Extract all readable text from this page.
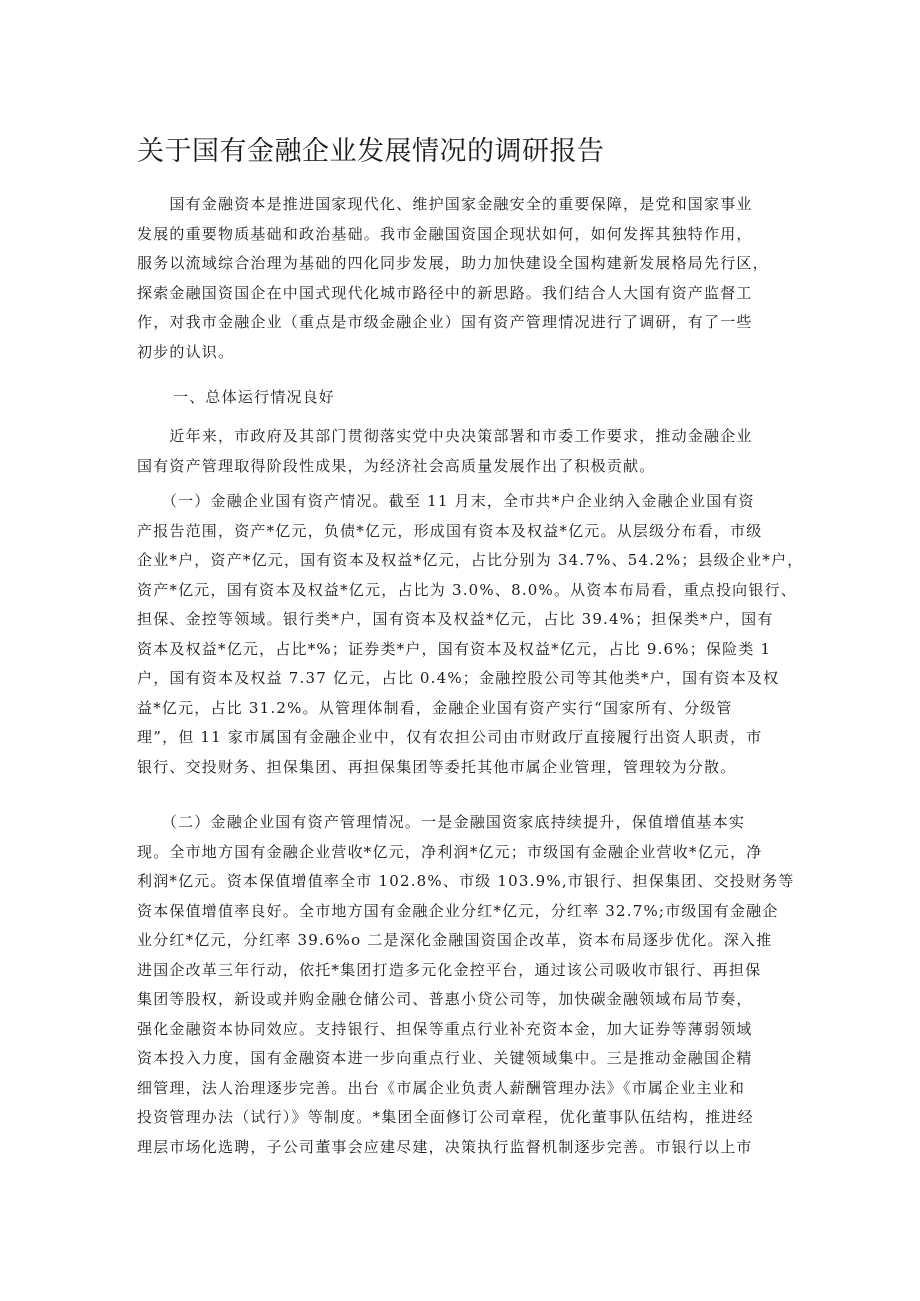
关于国有金融企业发展情况的调研报告

　　国有金融资本是推进国家现代化、维护国家金融安全的重要保障，是党和国家事业
发展的重要物质基础和政治基础。我市金融国资国企现状如何，如何发挥其独特作用，
服务以流域综合治理为基础的四化同步发展，助力加快建设全国构建新发展格局先行区，
探索金融国资国企在中国式现代化城市路径中的新思路。我们结合人大国有资产监督工
作，对我市金融企业（重点是市级金融企业）国有资产管理情况进行了调研，有了一些
初步的认识。

一、总体运行情况良好

　　近年来，市政府及其部门贯彻落实党中央决策部署和市委工作要求，推动金融企业
国有资产管理取得阶段性成果，为经济社会高质量发展作出了积极贡献。

　　（一）金融企业国有资产情况。截至 11 月末，全市共*户企业纳入金融企业国有资
产报告范围，资产*亿元，负债*亿元，形成国有资本及权益*亿元。从层级分布看，市级
企业*户，资产*亿元，国有资本及权益*亿元，占比分别为 34.7%、54.2%；县级企业*户，
资产*亿元，国有资本及权益*亿元，占比为 3.0%、8.0%。从资本布局看，重点投向银行、
担保、金控等领域。银行类*户，国有资本及权益*亿元，占比 39.4%；担保类*户，国有
资本及权益*亿元，占比*%；证券类*户，国有资本及权益*亿元，占比 9.6%；保险类 1
户，国有资本及权益 7.37 亿元，占比 0.4%；金融控股公司等其他类*户，国有资本及权
益*亿元，占比 31.2%。从管理体制看，金融企业国有资产实行“国家所有、分级管
理”，但 11 家市属国有金融企业中，仅有农担公司由市财政厅直接履行出资人职责，市
银行、交投财务、担保集团、再担保集团等委托其他市属企业管理，管理较为分散。

　　（二）金融企业国有资产管理情况。一是金融国资家底持续提升，保值增值基本实
现。全市地方国有金融企业营收*亿元，净利润*亿元；市级国有金融企业营收*亿元，净
利润*亿元。资本保值增值率全市 102.8%、市级 103.9%,市银行、担保集团、交投财务等
资本保值增值率良好。全市地方国有金融企业分红*亿元，分红率 32.7%;市级国有金融企
业分红*亿元，分红率 39.6%o 二是深化金融国资国企改革，资本布局逐步优化。深入推
进国企改革三年行动，依托*集团打造多元化金控平台，通过该公司吸收市银行、再担保
集团等股权，新设或并购金融仓储公司、普惠小贷公司等，加快碳金融领域布局节奏，
强化金融资本协同效应。支持银行、担保等重点行业补充资本金，加大证券等薄弱领域
资本投入力度，国有金融资本进一步向重点行业、关键领域集中。三是推动金融国企精
细管理，法人治理逐步完善。出台《市属企业负责人薪酬管理办法》《市属企业主业和
投资管理办法（试行）》等制度。*集团全面修订公司章程，优化董事队伍结构，推进经
理层市场化选聘，子公司董事会应建尽建，决策执行监督机制逐步完善。市银行以上市
